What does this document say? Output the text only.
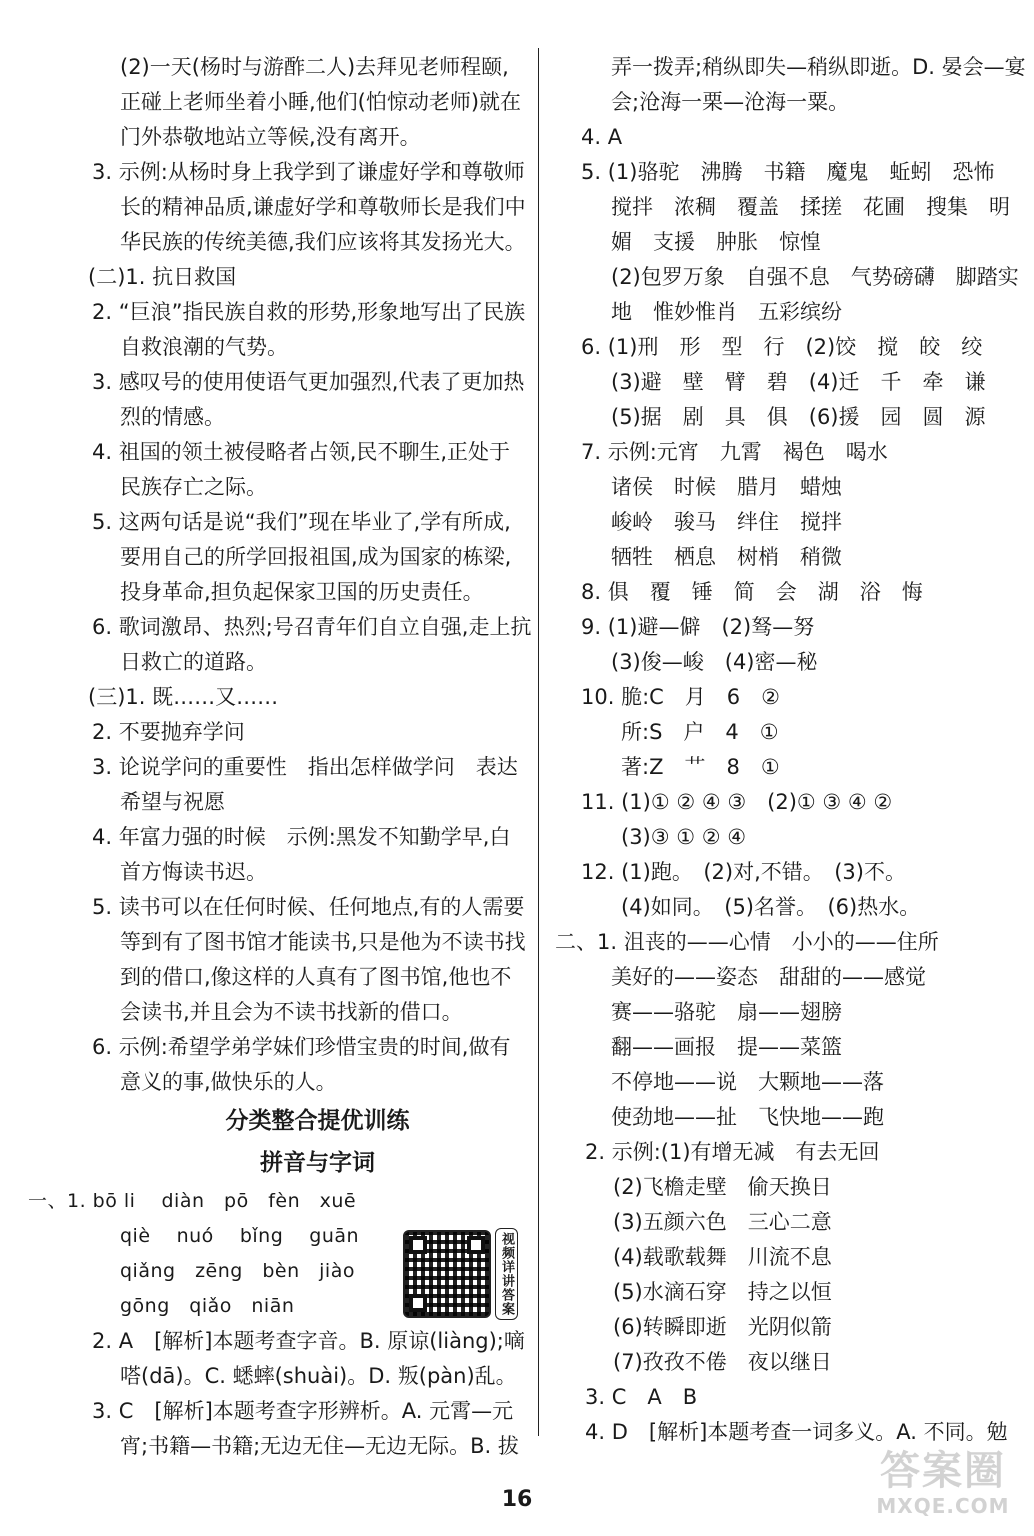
(2)一天(杨时与游酢二人)去拜见老师程颐,
正碰上老师坐着小睡,他们(怕惊动老师)就在
门外恭敬地站立等候,没有离开。
3. 示例:从杨时身上我学到了谦虚好学和尊敬师
长的精神品质,谦虚好学和尊敬师长是我们中
华民族的传统美德,我们应该将其发扬光大。
(二)1. 抗日救国
2. “巨浪”指民族自救的形势,形象地写出了民族
自救浪潮的气势。
3. 感叹号的使用使语气更加强烈,代表了更加热
烈的情感。
4. 祖国的领土被侵略者占领,民不聊生,正处于
民族存亡之际。
5. 这两句话是说“我们”现在毕业了,学有所成,
要用自己的所学回报祖国,成为国家的栋梁,
投身革命,担负起保家卫国的历史责任。
6. 歌词激昂、热烈;号召青年们自立自强,走上抗
日救亡的道路。
(三)1. 既……又……
2. 不要抛弃学问
3. 论说学问的重要性　指出怎样做学问　表达
希望与祝愿
4. 年富力强的时候　示例:黑发不知勤学早,白
首方悔读书迟。
5. 读书可以在任何时候、任何地点,有的人需要
等到有了图书馆才能读书,只是他为不读书找
到的借口,像这样的人真有了图书馆,他也不
会读书,并且会为不读书找新的借口。
6. 示例:希望学弟学妹们珍惜宝贵的时间,做有
意义的事,做快乐的人。
分类整合提优训练
拼音与字词
一、1. bō li　 diàn　pō　fèn　xuē
qiè　 nuó　 bǐng　 guān
qiǎng　zēng　bèn　jiào
gōng　qiǎo　niān
2. A　[解析]本题考查字音。B. 原谅(liàng);嘀
嗒(dā)。C. 蟋蟀(shuài)。D. 叛(pàn)乱。
3. C　[解析]本题考查字形辨析。A. 元霄—元
宵;书籍—书籍;无边无住—无边无际。B. 拔
视频详讲答案
弄一拨弄;稍纵即失—稍纵即逝。D. 晏会—宴
会;沧海一栗—沧海一粟。
4. A
5. (1)骆驼　沸腾　书籍　魔鬼　蚯蚓　恐怖
搅拌　浓稠　覆盖　揉搓　花圃　搜集　明
媚　支援　肿胀　惊惶
(2)包罗万象　自强不息　气势磅礴　脚踏实
地　惟妙惟肖　五彩缤纷
6. (1)刑　形　型　行　(2)饺　搅　皎　绞
(3)避　壁　臂　碧　(4)迁　千　牵　谦
(5)据　剧　具　俱　(6)援　园　圆　源
7. 示例:元宵　九霄　褐色　喝水
诸侯　时候　腊月　蜡烛
峻岭　骏马　绊住　搅拌
牺牲　栖息　树梢　稍微
8. 俱　覆　锤　简　会　湖　浴　悔
9. (1)避—僻　(2)驽—努
(3)俊—峻　(4)密—秘
10. 脆:C　月　6　②
所:S　户　4　①
著:Z　艹　8　①
11. (1)① ② ④ ③　(2)① ③ ④ ②
(3)③ ① ② ④
12. (1)跑。　(2)对,不错。　(3)不。
(4)如同。　(5)名誉。　(6)热水。
二、1. 沮丧的——心情　小小的——住所
美好的——姿态　甜甜的——感觉
赛——骆驼　扇——翅膀
翻——画报　提——菜篮
不停地——说　大颗地——落
使劲地——扯　飞快地——跑
2. 示例:(1)有增无减　有去无回
(2)飞檐走壁　偷天换日
(3)五颜六色　三心二意
(4)载歌载舞　川流不息
(5)水滴石穿　持之以恒
(6)转瞬即逝　光阴似箭
(7)孜孜不倦　夜以继日
3. C　A　B
4. D　[解析]本题考查一词多义。A. 不同。勉
16
答案圈
MXQE.COM
